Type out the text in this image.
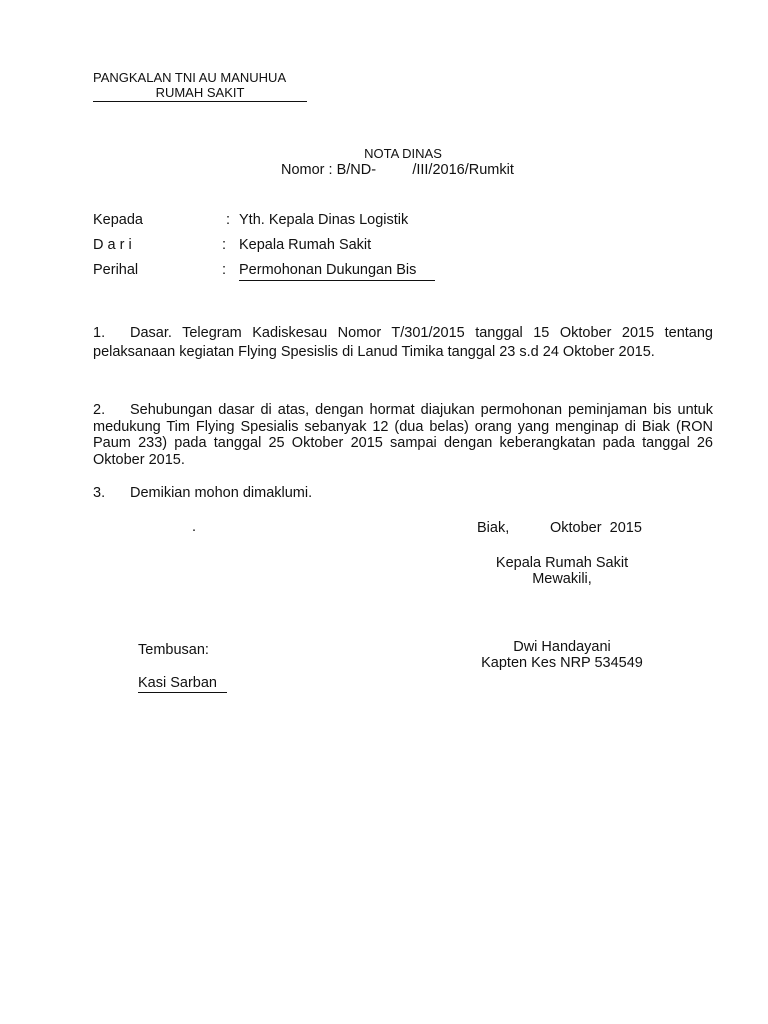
PANGKALAN TNI AU MANUHUA
RUMAH SAKIT
NOTA DINAS
Nomor : B/ND-         /III/2016/Rumkit
Kepada	: Yth. Kepala Dinas Logistik
D a r i	: Kepala Rumah Sakit
Perihal	: Permohonan Dukungan Bis
1. Dasar. Telegram Kadiskesau Nomor T/301/2015 tanggal 15 Oktober 2015 tentang pelaksanaan kegiatan Flying Spesislis di Lanud Timika tanggal 23 s.d 24 Oktober 2015.
2. Sehubungan dasar di atas, dengan hormat diajukan permohonan peminjaman bis untuk medukung Tim Flying Spesialis sebanyak 12 (dua belas) orang yang menginap di Biak (RON Paum 233) pada tanggal 25 Oktober 2015 sampai dengan keberangkatan pada tanggal 26 Oktober 2015.
3. Demikian mohon dimaklumi.
.	Biak,	Oktober  2015
Kepala Rumah Sakit
Mewakili,
Dwi Handayani
Kapten Kes NRP 534549
Tembusan:
Kasi Sarban
